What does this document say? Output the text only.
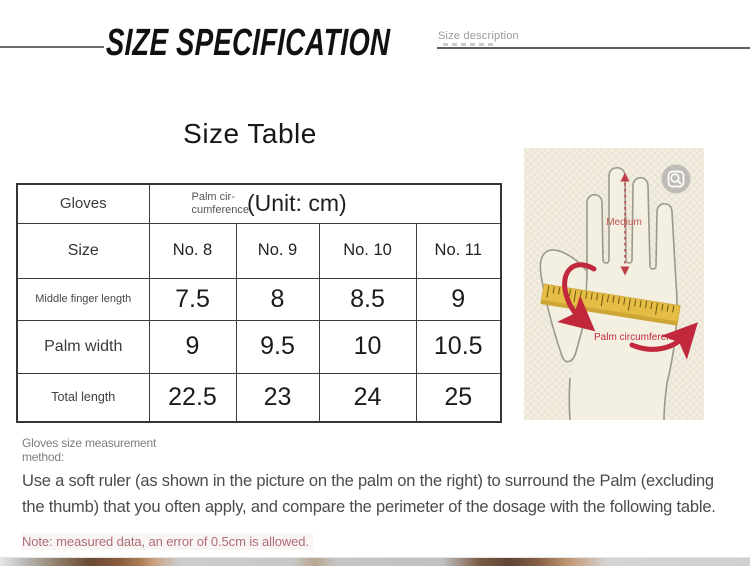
SIZE SPECIFICATION	Size description
Size Table
Gloves	Palm cir-
cumference
(Unit: cm)			

Size	No. 8	No. 9	No. 10	No. 11
Middle finger length	7.5	8	8.5	9
Palm width	9	9.5	10	10.5
Total length	22.5	23	24	25
Medium
Palm circumference
Gloves size measurement
method:
Use a soft ruler (as shown in the picture on the palm on the right) to surround the Palm (excluding
the thumb) that you often apply, and compare the perimeter of the dosage with the following table.
Note: measured data, an error of 0.5cm is allowed.
